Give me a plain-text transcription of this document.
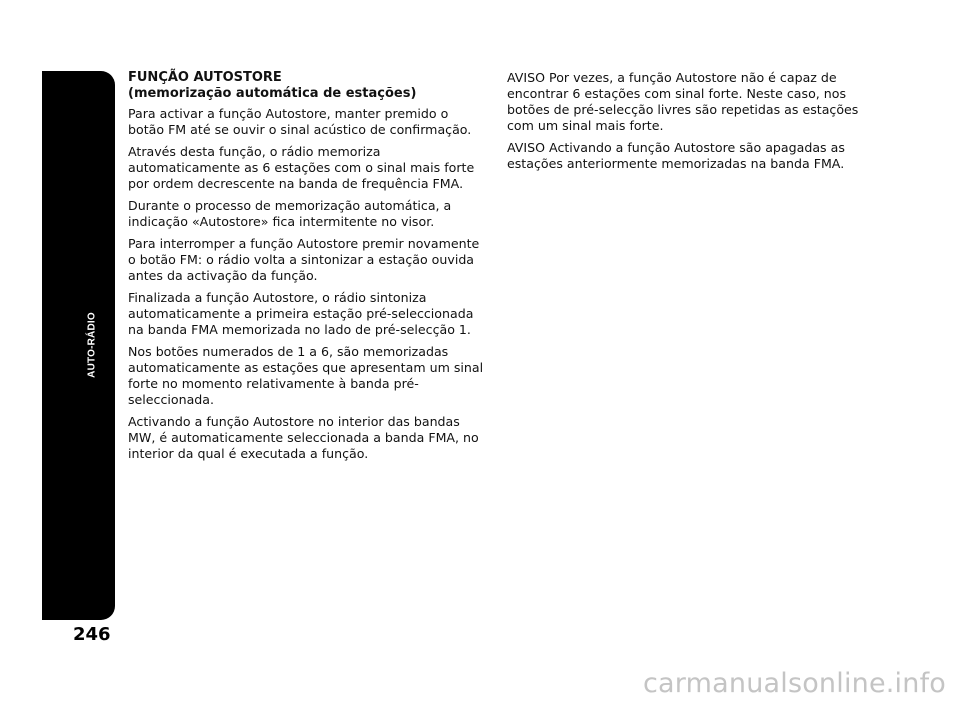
AUTO-RÁDIO
246
FUNÇÃO AUTOSTORE
(memorização automática de estações)

Para activar a função Autostore, manter premido o botão FM até se ouvir o sinal acústico de confirmação.

Através desta função, o rádio memoriza automaticamente as 6 estações com o sinal mais forte por ordem decrescente na banda de frequência FMA.

Durante o processo de memorização automática, a indicação «Autostore» fica intermitente no visor.

Para interromper a função Autostore premir novamente o botão FM: o rádio volta a sintonizar a estação ouvida antes da activação da função.

Finalizada a função Autostore, o rádio sintoniza automaticamente a primeira estação pré-seleccionada na banda FMA memorizada no lado de pré-selecção 1.

Nos botões numerados de 1 a 6, são memorizadas automaticamente as estações que apresentam um sinal forte no momento relativamente à banda pré-seleccionada.

Activando a função Autostore no interior das bandas MW, é automaticamente seleccionada a banda FMA, no interior da qual é executada a função.

AVISO Por vezes, a função Autostore não é capaz de encontrar 6 estações com sinal forte. Neste caso, nos botões de pré-selecção livres são repetidas as estações com um sinal mais forte.

AVISO Activando a função Autostore são apagadas as estações anteriormente memorizadas na banda FMA.

carmanualsonline.info
